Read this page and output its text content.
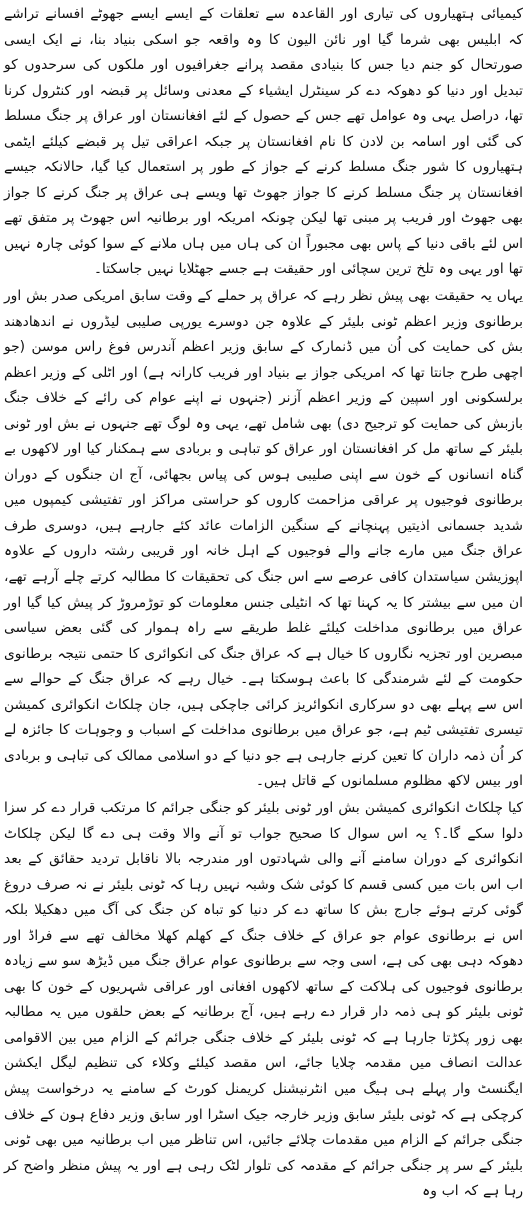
کیمیائی ہتھیاروں کی تیاری اور القاعدہ سے تعلقات کے ایسے ایسے جھوٹے افسانے تراشے کہ ابلیس بھی شرما گیا اور نائن الیون کا وہ واقعہ جو اسکی بنیاد بنا، نے ایک ایسی صورتحال کو جنم دیا جس کا بنیادی مقصد پرانے جغرافیوں اور ملکوں کی سرحدوں کو تبدیل اور دنیا کو دھوکہ دے کر سینٹرل ایشیاء کے معدنی وسائل پر قبضہ اور کنٹرول کرنا تھا، دراصل یہی وہ عوامل تھے جس کے حصول کے لئے افغانستان اور عراق پر جنگ مسلط کی گئی اور اسامہ بن لادن کا نام افغانستان پر جبکہ اعراقی تیل پر قبضے کیلئے ایٹمی ہتھیاروں کا شور جنگ مسلط کرنے کے جواز کے طور پر استعمال کیا گیا، حالانکہ جیسے افغانستان پر جنگ مسلط کرنے کا جواز جھوٹ تھا ویسے ہی عراق پر جنگ کرنے کا جواز بھی جھوٹ اور فریب پر مبنی تھا لیکن چونکہ امریکہ اور برطانیہ اس جھوٹ پر متفق تھے اس لئے باقی دنیا کے پاس بھی مجبوراً ان کی ہاں میں ہاں ملانے کے سوا کوئی چارہ نہیں تھا اور یہی وہ تلخ ترین سچائی اور حقیقت ہے جسے جھٹلایا نہیں جاسکتا۔

یہاں یہ حقیقت بھی پیش نظر رہے کہ عراق پر حملے کے وقت سابق امریکی صدر بش اور برطانوی وزیر اعظم ٹونی بلیئر کے علاوہ جن دوسرے یورپی صلیبی لیڈروں نے اندھادھند بش کی حمایت کی اُن میں ڈنمارک کے سابق وزیر اعظم آندرس فوغ راس موسن (جو اچھی طرح جانتا تھا کہ امریکی جواز بے بنیاد اور فریب کارانہ ہے) اور اٹلی کے وزیر اعظم برلسکونی اور اسپین کے وزیر اعظم آزنر (جنہوں نے اپنے عوام کی رائے کے خلاف جنگ بازبش کی حمایت کو ترجیح دی) بھی شامل تھے، یہی وہ لوگ تھے جنہوں نے بش اور ٹونی بلیئر کے ساتھ مل کر افغانستان اور عراق کو تباہی و بربادی سے ہمکنار کیا اور لاکھوں بے گناہ انسانوں کے خون سے اپنی صلیبی ہوس کی پیاس بجھائی، آج ان جنگوں کے دوران برطانوی فوجیوں پر عراقی مزاحمت کاروں کو حراستی مراکز اور تفتیشی کیمپوں میں شدید جسمانی اذیتیں پہنچانے کے سنگین الزامات عائد کئے جارہے ہیں، دوسری طرف عراق جنگ میں مارے جانے والے فوجیوں کے اہل خانہ اور قریبی رشتہ داروں کے علاوہ اپوزیشن سیاستدان کافی عرصے سے اس جنگ کی تحقیقات کا مطالبہ کرتے چلے آرہے تھے، ان میں سے بیشتر کا یہ کہنا تھا کہ انٹیلی جنس معلومات کو توڑمروڑ کر پیش کیا گیا اور عراق میں برطانوی مداخلت کیلئے غلط طریقے سے راہ ہموار کی گئی بعض سیاسی مبصرین اور تجزیہ نگاروں کا خیال ہے کہ عراق جنگ کی انکوائری کا حتمی نتیجہ برطانوی حکومت کے لئے شرمندگی کا باعث ہوسکتا ہے۔ خیال رہے کہ عراق جنگ کے حوالے سے اس سے پہلے بھی دو سرکاری انکوائریز کرائی جاچکی ہیں، جان چلکاٹ انکوائری کمیشن تیسری تفتیشی ٹیم ہے، جو عراق میں برطانوی مداخلت کے اسباب و وجوہات کا جائزہ لے کر اُن ذمہ داران کا تعین کرنے جارہی ہے جو دنیا کے دو اسلامی ممالک کی تباہی و بربادی اور بیس لاکھ مظلوم مسلمانوں کے قاتل ہیں۔

کیا چلکاٹ انکوائری کمیشن بش اور ٹونی بلیئر کو جنگی جرائم کا مرتکب قرار دے کر سزا دلوا سکے گا۔؟ یہ اس سوال کا صحیح جواب تو آنے والا وقت ہی دے گا لیکن چلکاٹ انکوائری کے دوران سامنے آنے والی شہادتوں اور مندرجہ بالا ناقابل تردید حقائق کے بعد اب اس بات میں کسی قسم کا کوئی شک وشبہ نہیں رہا کہ ٹونی بلیئر نے نہ صرف دروغ گوئی کرتے ہوئے جارج بش کا ساتھ دے کر دنیا کو تباہ کن جنگ کی آگ میں دھکیلا بلکہ اس نے برطانوی عوام جو عراق کے خلاف جنگ کے کھلم کھلا مخالف تھے سے فراڈ اور دھوکہ دہی بھی کی ہے، اسی وجہ سے برطانوی عوام عراق جنگ میں ڈیڑھ سو سے زیادہ برطانوی فوجیوں کی ہلاکت کے ساتھ لاکھوں افغانی اور عراقی شہریوں کے خون کا بھی ٹونی بلیئر کو ہی ذمہ دار قرار دے رہے ہیں، آج برطانیہ کے بعض حلقوں میں یہ مطالبہ بھی زور پکڑتا جارہا ہے کہ ٹونی بلیئر کے خلاف جنگی جرائم کے الزام میں بین الاقوامی عدالت انصاف میں مقدمہ چلایا جائے، اس مقصد کیلئے وکلاء کی تنظیم لیگل ایکشن ایگنسٹ وار پہلے ہی ہیگ میں انٹرنیشنل کریمنل کورٹ کے سامنے یہ درخواست پیش کرچکی ہے کہ ٹونی بلیئر سابق وزیر خارجہ جیک اسٹرا اور سابق وزیر دفاع ہون کے خلاف جنگی جرائم کے الزام میں مقدمات چلائے جائیں، اس تناظر میں اب برطانیہ میں بھی ٹونی بلیئر کے سر پر جنگی جرائم کے مقدمہ کی تلوار لٹک رہی ہے اور یہ پیش منظر واضح کر رہا ہے کہ اب وہ
